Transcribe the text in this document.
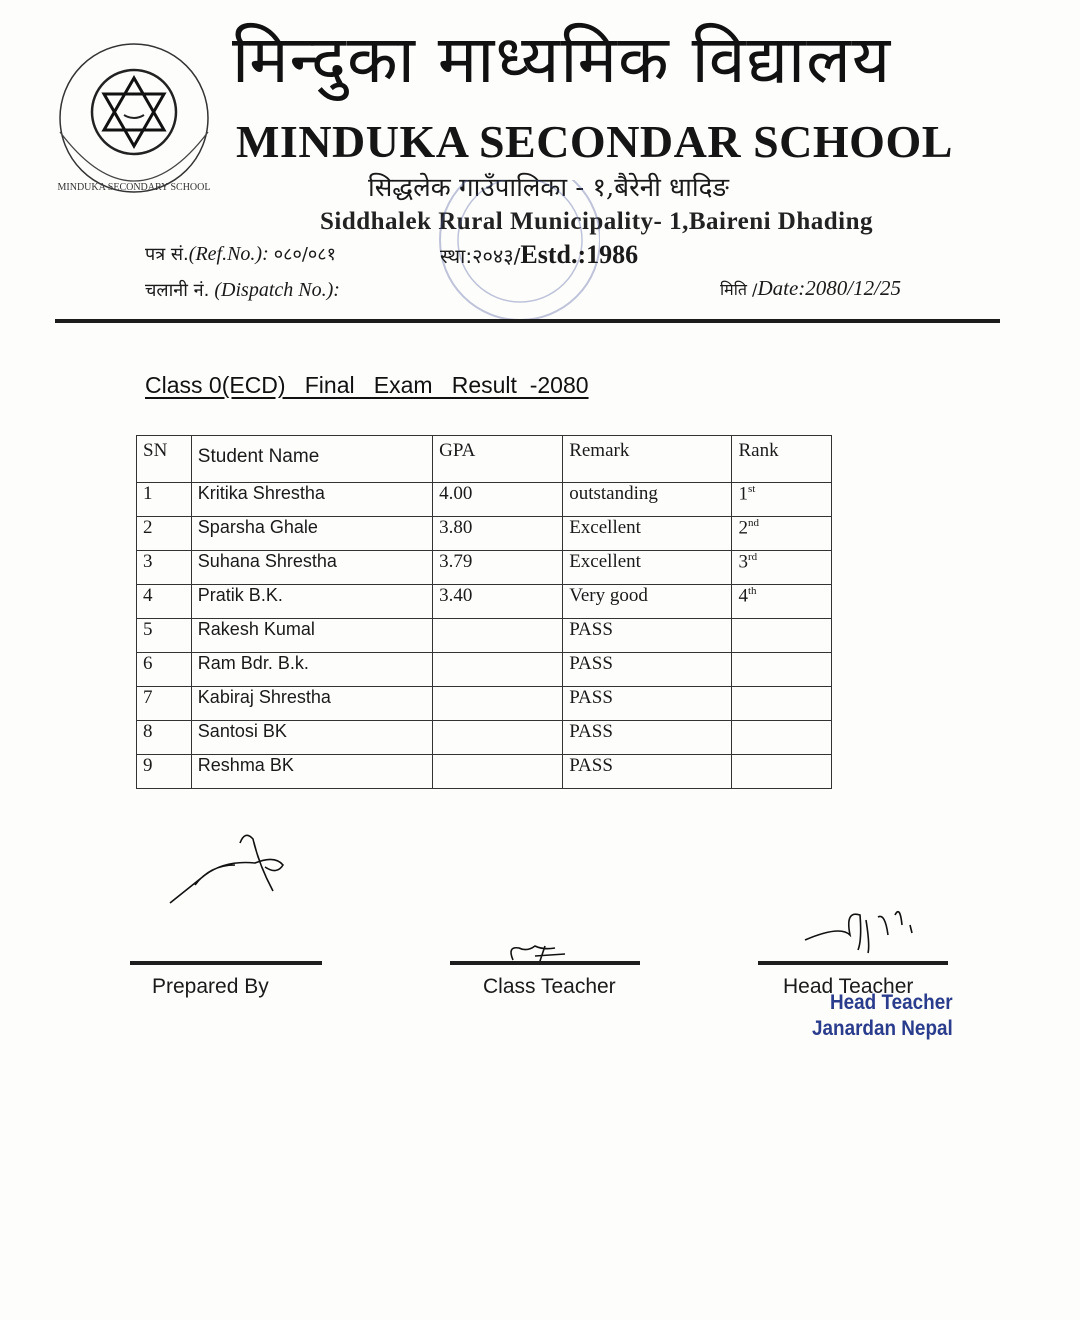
MINDUKA SECONDARY SCHOOL
मिन्दुका माध्यमिक विद्यालय
MINDUKA SECONDAR SCHOOL
सिद्धलेक गाउँपालिका - १,बैरेनी धादिङ
Siddhalek Rural Municipality- 1,Baireni Dhading
पत्र सं.(Ref.No.): ०८०/०८१
चलानी नं. (Dispatch No.):
स्था:२०४३/Estd.:1986
मिति /Date:2080/12/25
Class 0(ECD)   Final   Exam   Result  -2080
SN	Student Name	GPA	Remark	Rank
1	Kritika Shrestha	4.00	outstanding	1st
2	Sparsha Ghale	3.80	Excellent	2nd
3	Suhana Shrestha	3.79	Excellent	3rd
4	Pratik B.K.	3.40	Very good	4th
5	Rakesh Kumal		PASS	
6	Ram Bdr. B.k.		PASS	
7	Kabiraj Shrestha		PASS	
8	Santosi BK		PASS	
9	Reshma BK		PASS	
Prepared By	Class Teacher	Head Teacher
Head Teacher
Janardan Nepal
